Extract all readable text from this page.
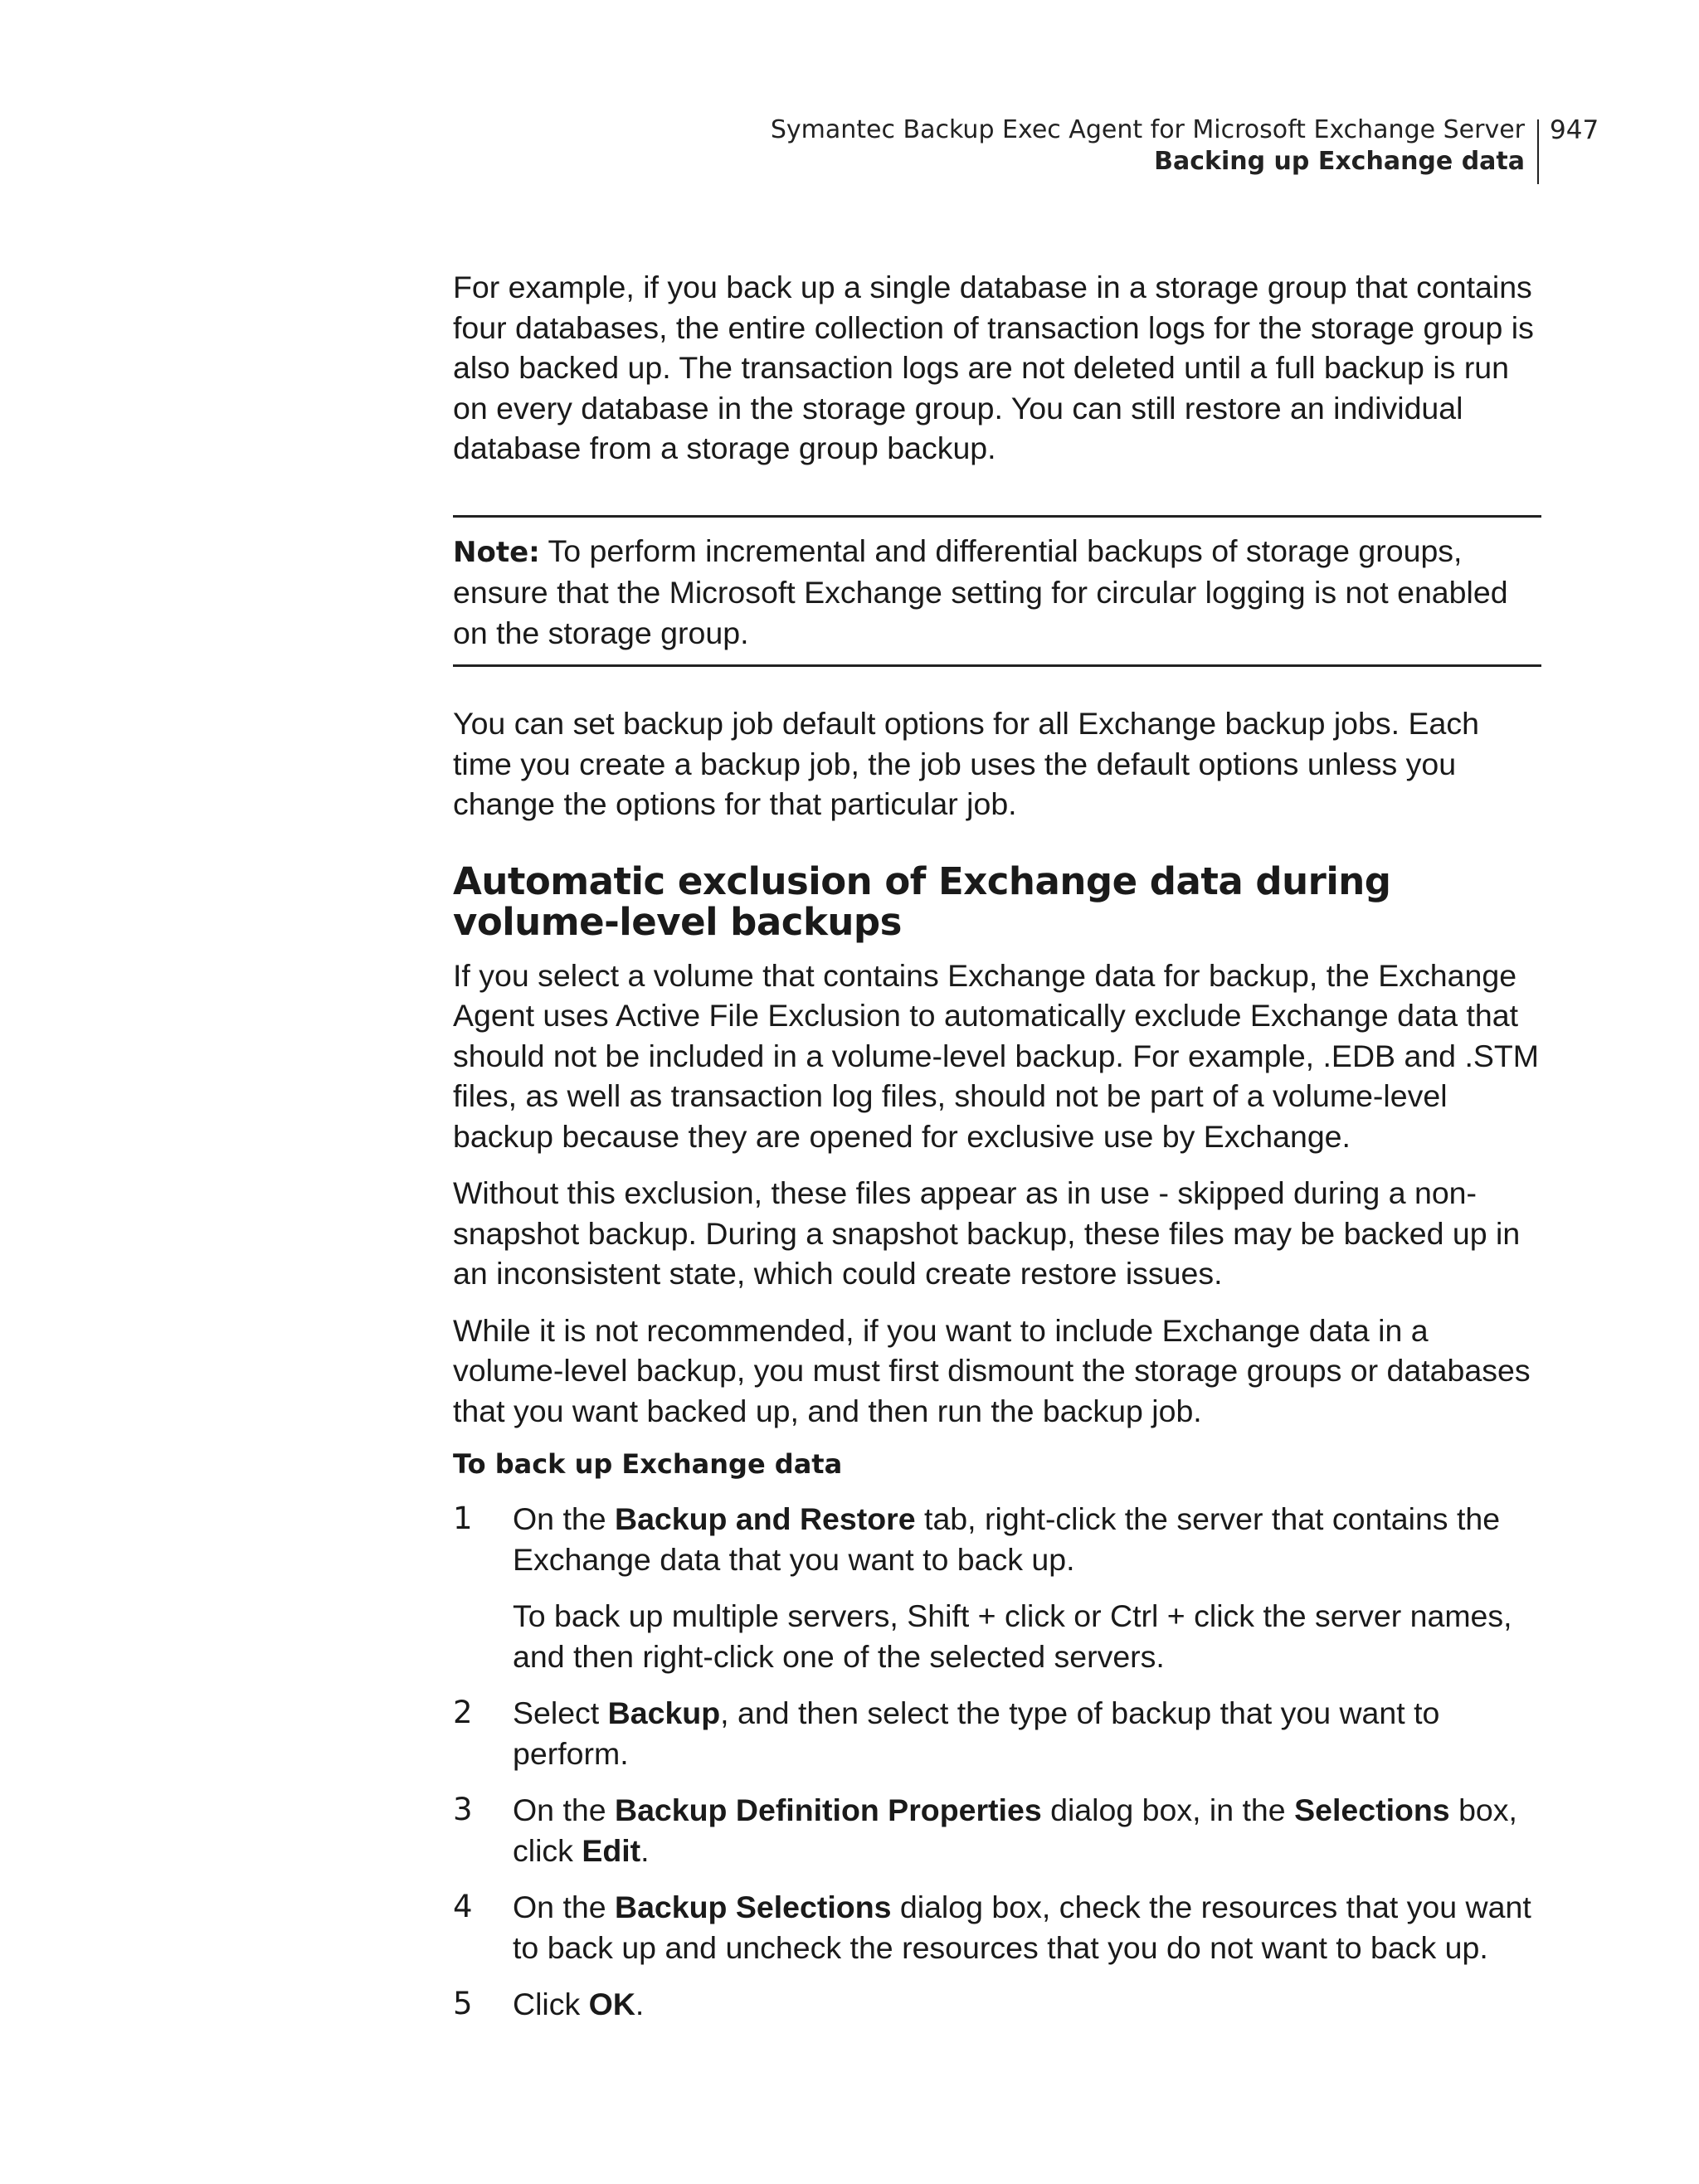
Symantec Backup Exec Agent for Microsoft Exchange Server
Backing up Exchange data
947

For example, if you back up a single database in a storage group that contains four databases, the entire collection of transaction logs for the storage group is also backed up. The transaction logs are not deleted until a full backup is run on every database in the storage group. You can still restore an individual database from a storage group backup.

Note: To perform incremental and differential backups of storage groups, ensure that the Microsoft Exchange setting for circular logging is not enabled on the storage group.

You can set backup job default options for all Exchange backup jobs. Each time you create a backup job, the job uses the default options unless you change the options for that particular job.

Automatic exclusion of Exchange data during volume-level backups

If you select a volume that contains Exchange data for backup, the Exchange Agent uses Active File Exclusion to automatically exclude Exchange data that should not be included in a volume-level backup. For example, .EDB and .STM files, as well as transaction log files, should not be part of a volume-level backup because they are opened for exclusive use by Exchange.

Without this exclusion, these files appear as in use - skipped during a non-snapshot backup. During a snapshot backup, these files may be backed up in an inconsistent state, which could create restore issues.

While it is not recommended, if you want to include Exchange data in a volume-level backup, you must first dismount the storage groups or databases that you want backed up, and then run the backup job.

To back up Exchange data
1 On the Backup and Restore tab, right-click the server that contains the Exchange data that you want to back up.

To back up multiple servers, Shift + click or Ctrl + click the server names, and then right-click one of the selected servers.

2 Select Backup, and then select the type of backup that you want to perform.

3 On the Backup Definition Properties dialog box, in the Selections box, click Edit.

4 On the Backup Selections dialog box, check the resources that you want to back up and uncheck the resources that you do not want to back up.

5 Click OK.
